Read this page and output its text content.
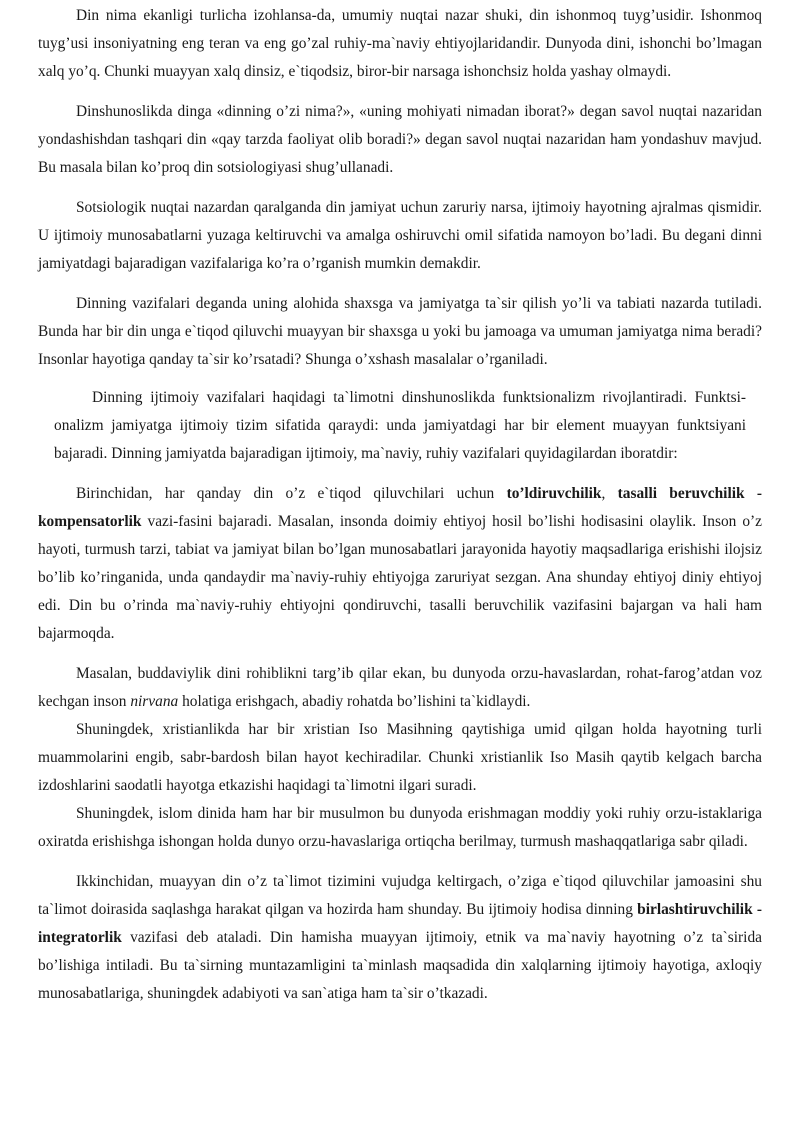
Din nima ekanligi turlicha izohlansa-da, umumiy nuqtai nazar shuki, din ishonmoq tuyg’usidir. Ishonmoq tuyg’usi insoniyatning eng teran va eng go’zal ruhiy-ma`naviy ehtiyojlaridandir. Dunyoda dini, ishonchi bo’lmagan xalq yo’q. Chunki muayyan xalq dinsiz, e`tiqodsiz, biror-bir narsaga ishonchsiz holda yashay olmaydi.

Dinshunoslikda dinga «dinning o’zi nima?», «uning mohiyati nimadan iborat?» degan savol nuqtai nazaridan yondashishdan tashqari din «qay tarzda faoliyat olib boradi?» degan savol nuqtai nazaridan ham yondashuv mavjud. Bu masala bilan ko’proq din sotsiologiyasi shug’ullanadi.

Sotsiologik nuqtai nazardan qaralganda din jamiyat uchun zaruriy narsa, ijtimoiy hayotning ajralmas qismidir. U ijtimoiy munosabatlarni yuzaga keltiruvchi va amalga oshiruvchi omil sifatida namoyon bo’ladi. Bu degani dinni jamiyatdagi bajaradigan vazifalariga ko’ra o’rganish mumkin demakdir.

Dinning vazifalari deganda uning alohida shaxsga va jamiyatga ta`sir qilish yo’li va tabiati nazarda tutiladi. Bunda har bir din unga e`tiqod qiluvchi muayyan bir shaxsga u yoki bu jamoaga va umuman jamiyatga nima beradi? Insonlar hayotiga qanday ta`sir ko’rsatadi? Shunga o’xshash masalalar o’rganiladi.

Dinning ijtimoiy vazifalari haqidagi ta`limotni dinshunoslikda funktsionalizm rivojlantiradi. Funktsi-onalizm jamiyatga ijtimoiy tizim sifatida qaraydi: unda jamiyatdagi har bir element muayyan funktsiyani bajaradi. Dinning jamiyatda bajaradigan ijtimoiy, ma`naviy, ruhiy vazifalari quyidagilardan iboratdir:

Birinchidan, har qanday din o’z e`tiqod qiluvchilari uchun to’ldiruvchilik, tasalli beruvchilik - kompensatorlik vazi-fasini bajaradi. Masalan, insonda doimiy ehtiyoj hosil bo’lishi hodisasini olaylik. Inson o’z hayoti, turmush tarzi, tabiat va jamiyat bilan bo’lgan munosabatlari jarayonida hayotiy maqsadlariga erishishi ilojsiz bo’lib ko’ringanida, unda qandaydir ma`naviy-ruhiy ehtiyojga zaruriyat sezgan. Ana shunday ehtiyoj diniy ehtiyoj edi. Din bu o’rinda ma`naviy-ruhiy ehtiyojni qondiruvchi, tasalli beruvchilik vazifasini bajargan va hali ham bajarmoqda.

Masalan, buddaviylik dini rohiblikni targ’ib qilar ekan, bu dunyoda orzu-havaslardan, rohat-farog’atdan voz kechgan inson nirvana holatiga erishgach, abadiy rohatda bo’lishini ta`kidlaydi.

Shuningdek, xristianlikda har bir xristian Iso Masihning qaytishiga umid qilgan holda hayotning turli muammolarini engib, sabr-bardosh bilan hayot kechiradilar. Chunki xristianlik Iso Masih qaytib kelgach barcha izdoshlarini saodatli hayotga etkazishi haqidagi ta`limotni ilgari suradi.

Shuningdek, islom dinida ham har bir musulmon bu dunyoda erishmagan moddiy yoki ruhiy orzu-istaklariga oxiratda erishishga ishongan holda dunyo orzu-havaslariga ortiqcha berilmay, turmush mashaqqatlariga sabr qiladi.

Ikkinchidan, muayyan din o’z ta`limot tizimini vujudga keltirgach, o’ziga e`tiqod qiluvchilar jamoasini shu ta`limot doirasida saqlashga harakat qilgan va hozirda ham shunday. Bu ijtimoiy hodisa dinning birlashtiruvchilik - integratorlik vazifasi deb ataladi. Din hamisha muayyan ijtimoiy, etnik va ma`naviy hayotning o’z ta`sirida bo’lishiga intiladi. Bu ta`sirning muntazamligini ta`minlash maqsadida din xalqlarning ijtimoiy hayotiga, axloqiy munosabatlariga, shuningdek adabiyoti va san`atiga ham ta`sir o’tkazadi.
